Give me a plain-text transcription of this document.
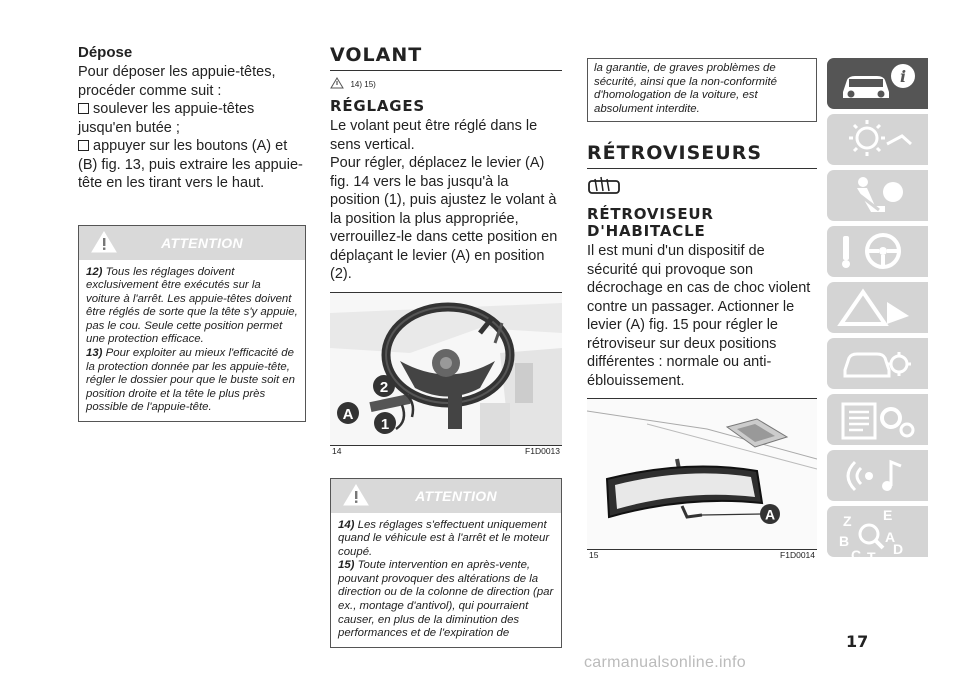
Dépose

Pour déposer les appuie-têtes, procéder comme suit :

soulever les appuie-têtes jusqu'en butée ;

appuyer sur les boutons (A) et (B) fig. 13, puis extraire les appuie-tête en les tirant vers le haut.

ATTENTION
12) Tous les réglages doivent exclusivement être exécutés sur la voiture à l'arrêt. Les appuie-têtes doivent être réglés de sorte que la tête s'y appuie, pas le cou. Seule cette position permet une protection efficace.
13) Pour exploiter au mieux l'efficacité de la protection donnée par les appuie-tête, régler le dossier pour que le buste soit en position droite et la tête le plus près possible de l'appuie-tête.
VOLANT
14) 15)
RÉGLAGES

Le volant peut être réglé dans le sens vertical.

Pour régler, déplacez le levier (A) fig. 14 vers le bas jusqu'à la position (1), puis ajustez le volant à la position la plus appropriée, verrouillez-le dans cette position en déplaçant le levier (A) en position (2).

2
A
1
14	F1D0013
ATTENTION
14) Les réglages s'effectuent uniquement quand le véhicule est à l'arrêt et le moteur coupé.
15) Toute intervention en après-vente, pouvant provoquer des altérations de la direction ou de la colonne de direction (par ex., montage d'antivol), qui pourraient causer, en plus de la diminution des performances et de l'expiration de
la garantie, de graves problèmes de sécurité, ainsi que la non-conformité d'homologation de la voiture, est absolument interdite.
RÉTROVISEURS
RÉTROVISEUR
D'HABITACLE

Il est muni d'un dispositif de sécurité qui provoque son décrochage en cas de choc violent contre un passager. Actionner le levier (A) fig. 15 pour régler le rétroviseur sur deux positions différentes : normale ou anti-éblouissement.

A
15	F1D0014
i
Z E
B	A
D
C T
17
carmanualsonline.info
